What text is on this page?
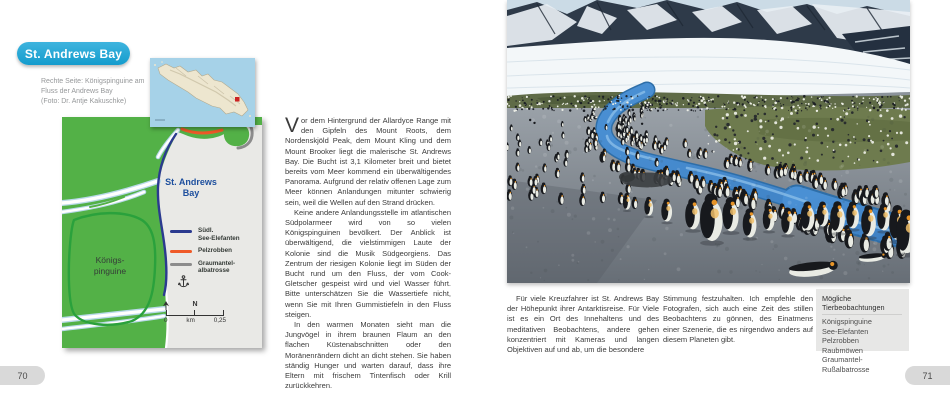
St. Andrews Bay
Rechte Seite: Königspinguine am
Fluss der Andrews Bay
(Foto: Dr. Antje Kakuschke)
St. Andrews
Bay
Königs-
pinguine
Südl.
See-Elefanten
Pelzrobben
Graumantel-
albatrosse
N
0	km	0,25

Vor dem Hintergrund der Allardyce Range mit den Gipfeln des Mount Roots, dem Nordenskjöld Peak, dem Mount Kling und dem Mount Brooker liegt die malerische St. Andrews Bay. Die Bucht ist 3,1 Kilometer breit und bietet bereits vom Meer kommend ein überwältigendes Panorama. Aufgrund der relativ offenen Lage zum Meer können Anlandungen mitunter schwierig sein, weil die Wellen auf den Strand drücken.

Keine andere Anlandungsstelle im atlantischen Südpolarmeer wird von so vielen Königspinguinen bevölkert. Der Anblick ist überwältigend, die vielstimmigen Laute der Kolonie sind die Musik Südgeorgiens. Das Zentrum der riesigen Kolonie liegt im Süden der Bucht rund um den Fluss, der vom Cook-Gletscher gespeist wird und viel Wasser führt. Bitte unterschätzen Sie die Wassertiefe nicht, wenn Sie mit Ihren Gummistiefeln in den Fluss steigen.

In den warmen Monaten sieht man die Jungvögel in ihrem braunen Flaum an den flachen Küstenabschnitten oder den Moränenrändern dicht an dicht stehen. Sie haben ständig Hunger und warten darauf, dass ihre Eltern mit frischem Tintenfisch oder Krill zurückkehren.

70

Für viele Kreuzfahrer ist St. Andrews Bay der Höhepunkt ihrer Antarktisreise. Für Viele ist es ein Ort des Innehaltens und des meditativen Beobachtens, andere gehen konzentriert mit Kameras und langen Objektiven auf und ab, um die besondere

Stimmung festzuhalten. Ich empfehle den Fotografen, sich auch eine Zeit des stillen Beobachtens zu gönnen, des Einatmens einer Szenerie, die es nirgendwo anders auf diesem Planeten gibt.

Mögliche Tierbeobachtungen
Königspinguine
See-Elefanten
Pelzrobben
Raubmöwen
Graumantel-Rußalbatrosse
71
